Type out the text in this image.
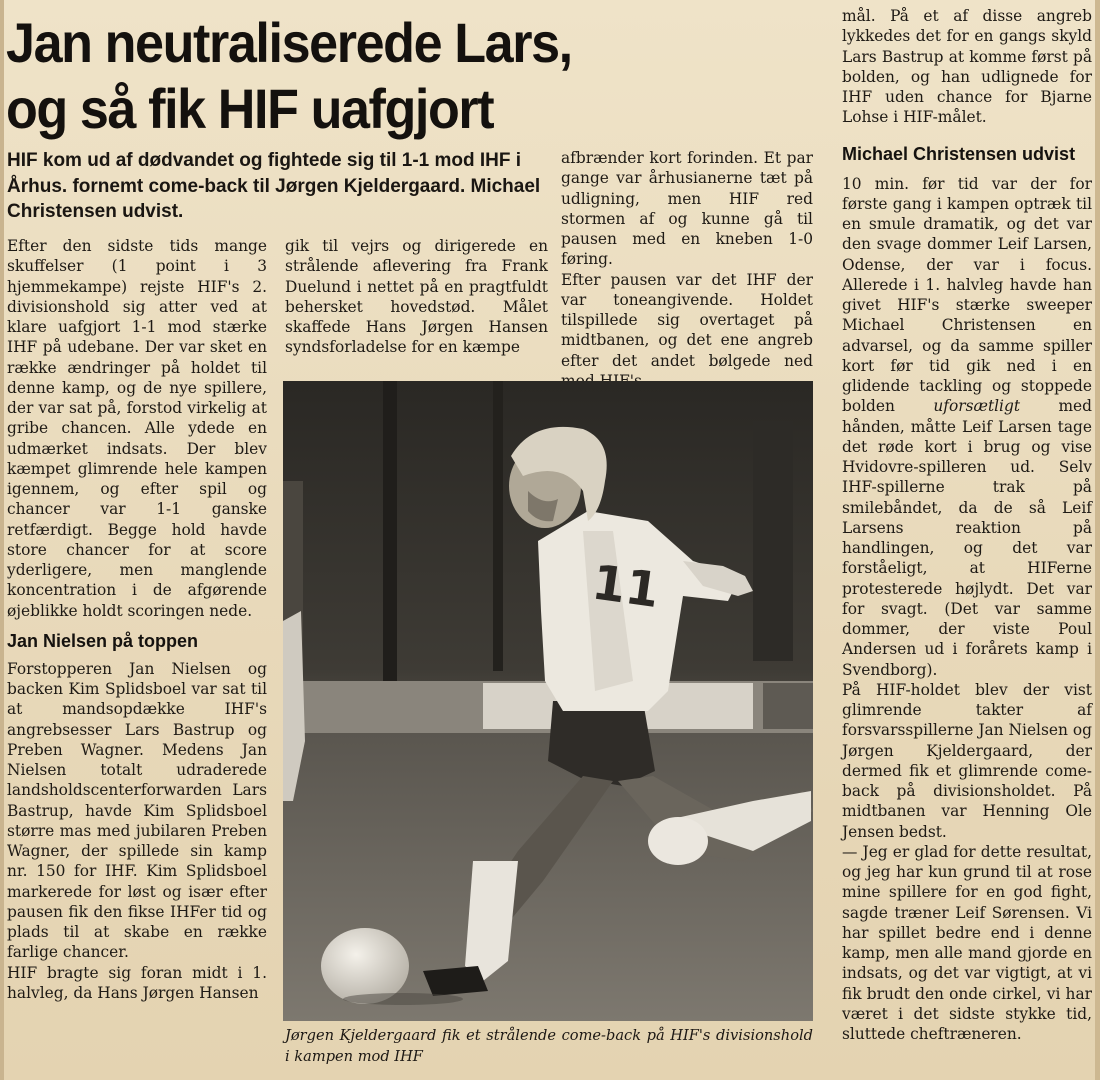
Jan neutraliserede Lars,
og så fik HIF uafgjort
HIF kom ud af dødvandet og fightede sig til 1-1 mod IHF i Århus. fornemt come-back til Jørgen Kjeldergaard. Michael Christensen udvist.

Efter den sidste tids mange skuffelser (1 point i 3 hjemmekampe) rejste HIF's 2. divisionshold sig atter ved at klare uafgjort 1-1 mod stærke IHF på udebane. Der var sket en række ændringer på holdet til denne kamp, og de nye spillere, der var sat på, forstod virkelig at gribe chancen. Alle ydede en udmærket indsats. Der blev kæmpet glimrende hele kampen igennem, og efter spil og chancer var 1-1 ganske retfærdigt. Begge hold havde store chancer for at score yderligere, men manglende koncentration i de afgørende øjeblikke holdt scoringen nede.

Jan Nielsen på toppen

Forstopperen Jan Nielsen og backen Kim Splidsboel var sat til at mandsopdække IHF's angrebsesser Lars Bastrup og Preben Wagner. Medens Jan Nielsen totalt udraderede landsholdscenterforwarden Lars Bastrup, havde Kim Splidsboel større mas med jubilaren Preben Wagner, der spillede sin kamp nr. 150 for IHF. Kim Splidsboel markerede for løst og især efter pausen fik den fikse IHFer tid og plads til at skabe en række farlige chancer.

HIF bragte sig foran midt i 1. halvleg, da Hans Jørgen Hansen

gik til vejrs og dirigerede en strålende aflevering fra Frank Duelund i nettet på en pragtfuldt behersket hovedstød. Målet skaffede Hans Jørgen Hansen syndsforladelse for en kæmpe

afbrænder kort forinden. Et par gange var århusianerne tæt på udligning, men HIF red stormen af og kunne gå til pausen med en kneben 1-0 føring.

Efter pausen var det IHF der var toneangivende. Holdet tilspillede sig overtaget på midtbanen, og det ene angreb efter det andet bølgede ned

mål. På et af disse angreb lykkedes det for en gangs skyld Lars Bastrup at komme først på bolden, og han udlignede for IHF uden chance for Bjarne Lohse i HIF-målet.

Michael Christensen udvist

10 min. før tid var der for første gang i kampen optræk til en smule dramatik, og det var den svage dommer Leif Larsen, Odense, der var i focus. Allerede i 1. halvleg havde han givet HIF's stærke sweeper Michael Christensen en advarsel, og da samme spiller kort før tid gik ned i en glidende tackling og stoppede bolden uforsætligt med hånden, måtte Leif Larsen tage det røde kort i brug og vise Hvidovre-spilleren ud. Selv IHF-spillerne trak på smilebåndet, da de så Leif Larsens reaktion på handlingen, og det var forståeligt, at HIFerne protesterede højlydt. Det var for svagt. (Det var samme dommer, der viste Poul Andersen ud i forårets kamp i Svendborg).

På HIF-holdet blev der vist glimrende takter af forsvarsspillerne Jan Nielsen og Jørgen Kjeldergaard, der dermed fik et glimrende come-back på divisionsholdet. På midtbanen var Henning Ole Jensen bedst.

— Jeg er glad for dette resultat, og jeg har kun grund til at rose mine spillere for en god fight, sagde træner Leif Sørensen. Vi har spillet bedre end i denne kamp, men alle mand gjorde en indsats, og det var vigtigt, at vi fik brudt den onde cirkel, vi har været i det sidste stykke tid, sluttede cheftræneren.

11

Jørgen Kjeldergaard fik et strålende come-back på HIF's divisionshold i kampen mod IHF
